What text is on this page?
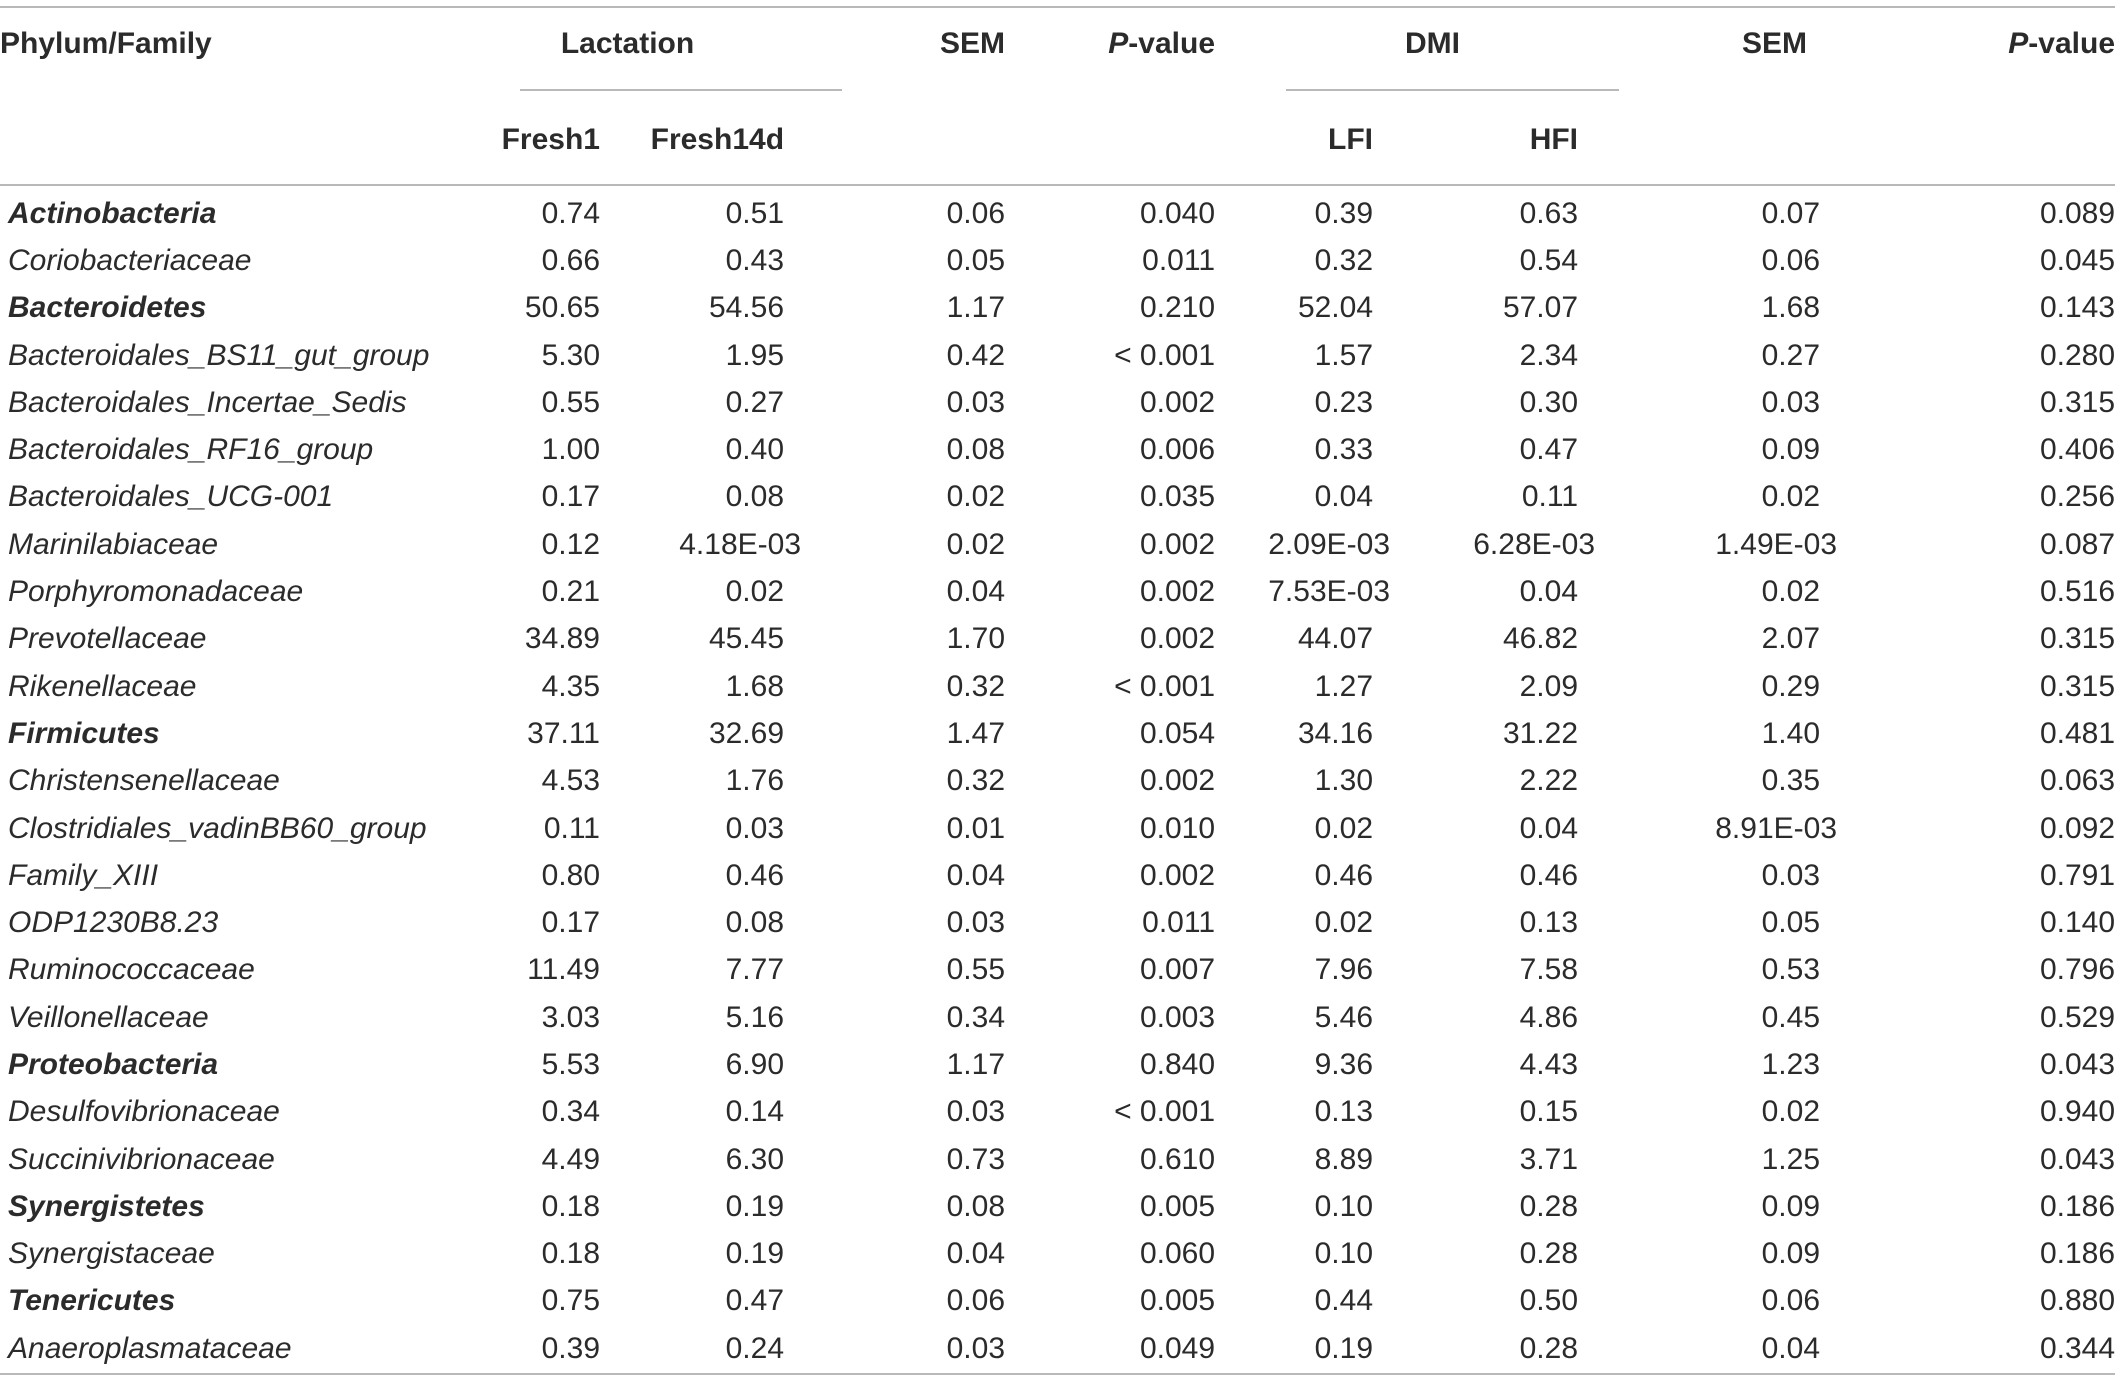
Phylum/Family	Lactation		SEM	P-value	DMI		SEM	P-value
	Fresh1	Fresh14d			LFI	HFI		
Actinobacteria	0.74	0.51	0.06	0.040	0.39	0.63	0.07	0.089
Coriobacteriaceae	0.66	0.43	0.05	0.011	0.32	0.54	0.06	0.045
Bacteroidetes	50.65	54.56	1.17	0.210	52.04	57.07	1.68	0.143
Bacteroidales_BS11_gut_group	5.30	1.95	0.42	< 0.001	1.57	2.34	0.27	0.280
Bacteroidales_Incertae_Sedis	0.55	0.27	0.03	0.002	0.23	0.30	0.03	0.315
Bacteroidales_RF16_group	1.00	0.40	0.08	0.006	0.33	0.47	0.09	0.406
Bacteroidales_UCG-001	0.17	0.08	0.02	0.035	0.04	0.11	0.02	0.256
Marinilabiaceae	0.12	4.18E-03	0.02	0.002	2.09E-03	6.28E-03	1.49E-03	0.087
Porphyromonadaceae	0.21	0.02	0.04	0.002	7.53E-03	0.04	0.02	0.516
Prevotellaceae	34.89	45.45	1.70	0.002	44.07	46.82	2.07	0.315
Rikenellaceae	4.35	1.68	0.32	< 0.001	1.27	2.09	0.29	0.315
Firmicutes	37.11	32.69	1.47	0.054	34.16	31.22	1.40	0.481
Christensenellaceae	4.53	1.76	0.32	0.002	1.30	2.22	0.35	0.063
Clostridiales_vadinBB60_group	0.11	0.03	0.01	0.010	0.02	0.04	8.91E-03	0.092
Family_XIII	0.80	0.46	0.04	0.002	0.46	0.46	0.03	0.791
ODP1230B8.23	0.17	0.08	0.03	0.011	0.02	0.13	0.05	0.140
Ruminococcaceae	11.49	7.77	0.55	0.007	7.96	7.58	0.53	0.796
Veillonellaceae	3.03	5.16	0.34	0.003	5.46	4.86	0.45	0.529
Proteobacteria	5.53	6.90	1.17	0.840	9.36	4.43	1.23	0.043
Desulfovibrionaceae	0.34	0.14	0.03	< 0.001	0.13	0.15	0.02	0.940
Succinivibrionaceae	4.49	6.30	0.73	0.610	8.89	3.71	1.25	0.043
Synergistetes	0.18	0.19	0.08	0.005	0.10	0.28	0.09	0.186
Synergistaceae	0.18	0.19	0.04	0.060	0.10	0.28	0.09	0.186
Tenericutes	0.75	0.47	0.06	0.005	0.44	0.50	0.06	0.880
Anaeroplasmataceae	0.39	0.24	0.03	0.049	0.19	0.28	0.04	0.344
